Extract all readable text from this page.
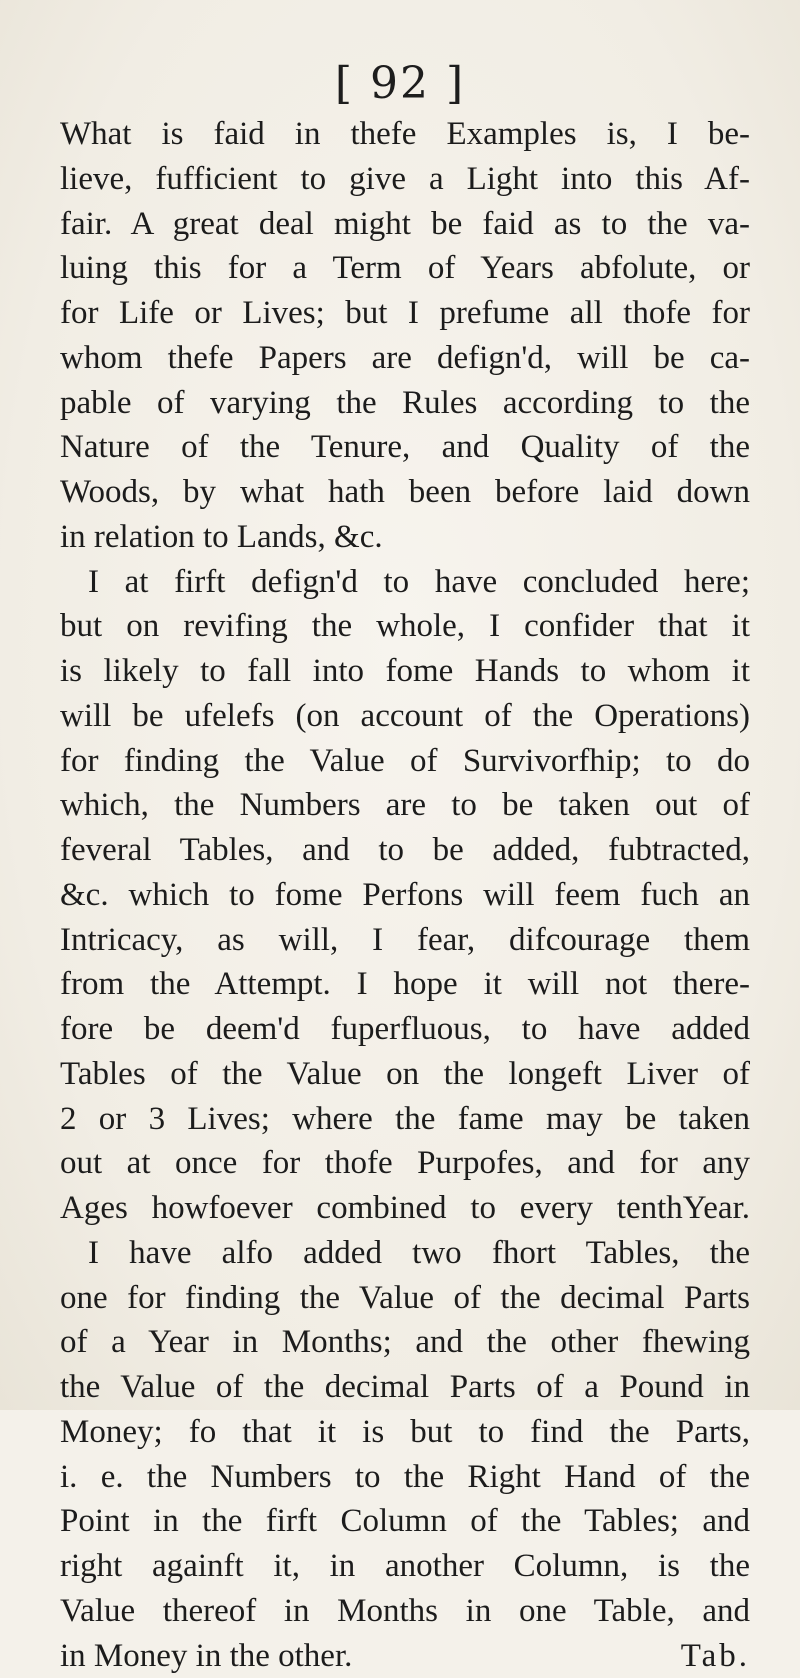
[ 92 ]
What is faid in thefe Examples is, I be-
lieve, fufficient to give a Light into this Af-
fair. A great deal might be faid as to the va-
luing this for a Term of Years abfolute, or
for Life or Lives; but I prefume all thofe for
whom thefe Papers are defign'd, will be ca-
pable of varying the Rules according to the
Nature of the Tenure, and Quality of the
Woods, by what hath been before laid down
in relation to Lands, &c.
I at firft defign'd to have concluded here;
but on revifing the whole, I confider that it
is likely to fall into fome Hands to whom it
will be ufelefs (on account of the Operations)
for finding the Value of Survivorfhip; to do
which, the Numbers are to be taken out of
feveral Tables, and to be added, fubtracted,
&c. which to fome Perfons will feem fuch an
Intricacy, as will, I fear, difcourage them
from the Attempt. I hope it will not there-
fore be deem'd fuperfluous, to have added
Tables of the Value on the longeft Liver of
2 or 3 Lives; where the fame may be taken
out at once for thofe Purpofes, and for any
Ages howfoever combined to every tenthYear.
I have alfo added two fhort Tables, the
one for finding the Value of the decimal Parts
of a Year in Months; and the other fhewing
the Value of the decimal Parts of a Pound in
Money; fo that it is but to find the Parts,
i. e. the Numbers to the Right Hand of the
Point in the firft Column of the Tables; and
right againft it, in another Column, is the
Value thereof in Months in one Table, and
in Money in the other.	Tab.
